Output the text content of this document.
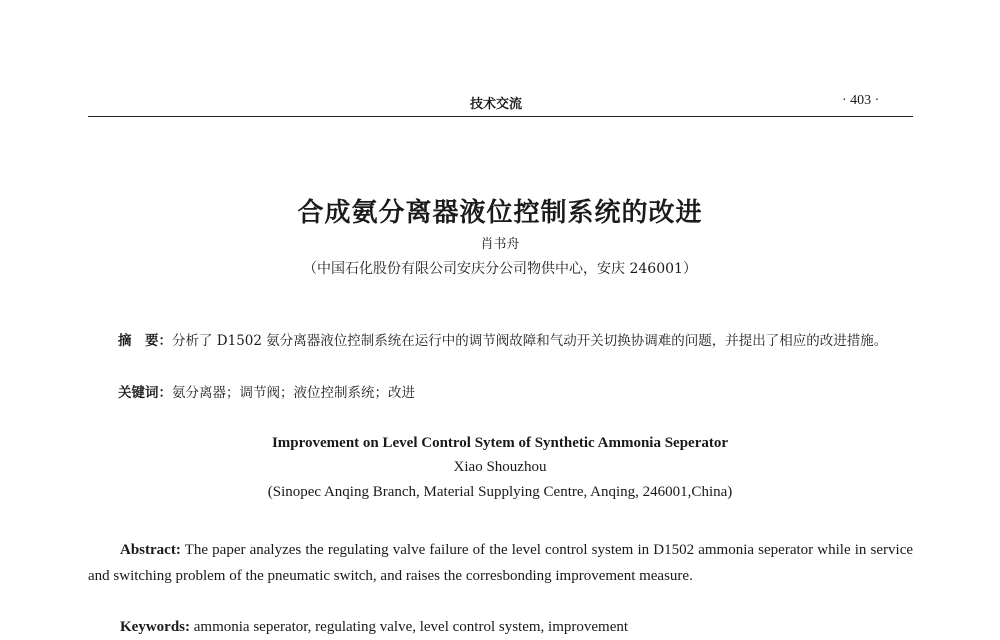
技术交流	· 403 ·
合成氨分离器液位控制系统的改进
肖书舟
（中国石化股份有限公司安庆分公司物供中心，安庆 246001）
摘　要：分析了 D1502 氨分离器液位控制系统在运行中的调节阀故障和气动开关切换协调难的问题，并提出了相应的改进措施。
关键词：氨分离器；调节阀；液位控制系统；改进
Improvement on Level Control Sytem of Synthetic Ammonia Seperator
Xiao Shouzhou
(Sinopec Anqing Branch, Material Supplying Centre, Anqing, 246001,China)
Abstract: The paper analyzes the regulating valve failure of the level control system in D1502 ammonia seperator while in service and switching problem of the pneumatic switch, and raises the corresbonding improvement measure.
Keywords: ammonia seperator, regulating valve, level control system, improvement
